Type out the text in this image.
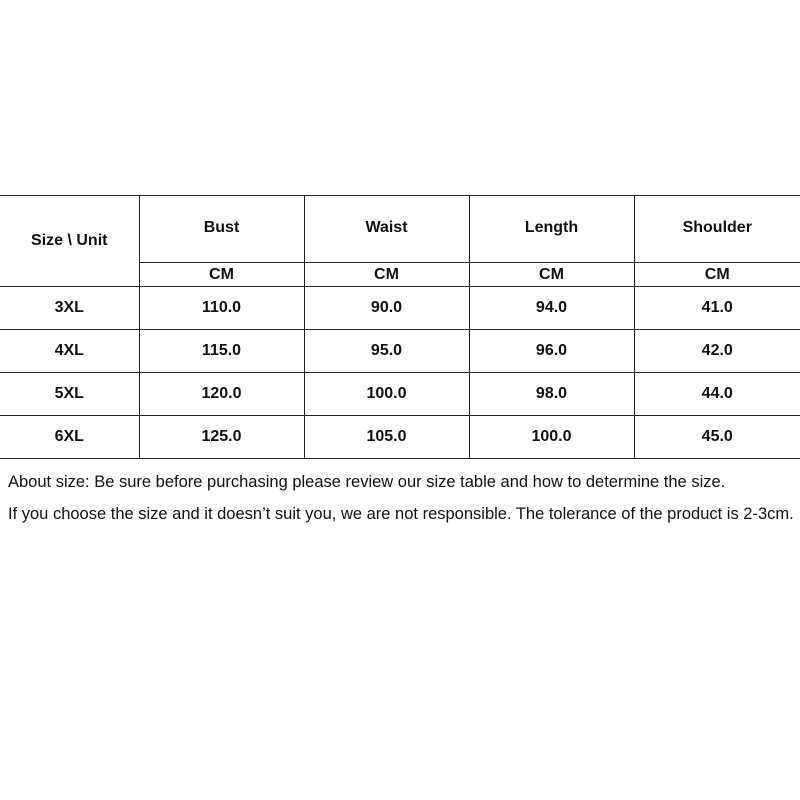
Size \ Unit	Bust	Waist	Length	Shoulder
	CM	CM	CM	CM
3XL	110.0	90.0	94.0	41.0
4XL	115.0	95.0	96.0	42.0
5XL	120.0	100.0	98.0	44.0
6XL	125.0	105.0	100.0	45.0
About size: Be sure before purchasing please review our size table and how to determine the size.
If you choose the size and it doesn’t suit you, we are not responsible. The tolerance of the product is 2-3cm.
